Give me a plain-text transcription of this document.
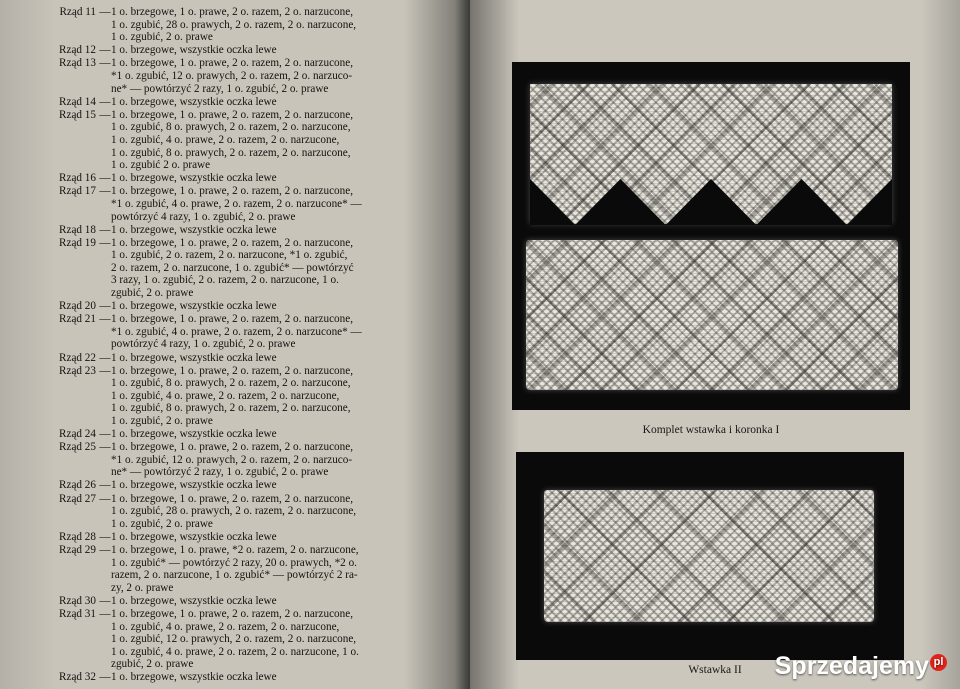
Rząd 11 — 1 o. brzegowe, 1 o. prawe, 2 o. razem, 2 o. narzucone,
1 o. zgubić, 28 o. prawych, 2 o. razem, 2 o. narzucone,
1 o. zgubić, 2 o. prawe
Rząd 12 — 1 o. brzegowe, wszystkie oczka lewe
Rząd 13 — 1 o. brzegowe, 1 o. prawe, 2 o. razem, 2 o. narzucone,
*1 o. zgubić, 12 o. prawych, 2 o. razem, 2 o. narzuco-
ne* — powtórzyć 2 razy, 1 o. zgubić, 2 o. prawe
Rząd 14 — 1 o. brzegowe, wszystkie oczka lewe
Rząd 15 — 1 o. brzegowe, 1 o. prawe, 2 o. razem, 2 o. narzucone,
1 o. zgubić, 8 o. prawych, 2 o. razem, 2 o. narzucone,
1 o. zgubić, 4 o. prawe, 2 o. razem, 2 o. narzucone,
1 o. zgubić, 8 o. prawych, 2 o. razem, 2 o. narzucone,
1 o. zgubić 2 o. prawe
Rząd 16 — 1 o. brzegowe, wszystkie oczka lewe
Rząd 17 — 1 o. brzegowe, 1 o. prawe, 2 o. razem, 2 o. narzucone,
*1 o. zgubić, 4 o. prawe, 2 o. razem, 2 o. narzucone* —
powtórzyć 4 razy, 1 o. zgubić, 2 o. prawe
Rząd 18 — 1 o. brzegowe, wszystkie oczka lewe
Rząd 19 — 1 o. brzegowe, 1 o. prawe, 2 o. razem, 2 o. narzucone,
1 o. zgubić, 2 o. razem, 2 o. narzucone, *1 o. zgubić,
2 o. razem, 2 o. narzucone, 1 o. zgubić* — powtórzyć
3 razy, 1 o. zgubić, 2 o. razem, 2 o. narzucone, 1 o.
zgubić, 2 o. prawe
Rząd 20 — 1 o. brzegowe, wszystkie oczka lewe
Rząd 21 — 1 o. brzegowe, 1 o. prawe, 2 o. razem, 2 o. narzucone,
*1 o. zgubić, 4 o. prawe, 2 o. razem, 2 o. narzucone* —
powtórzyć 4 razy, 1 o. zgubić, 2 o. prawe
Rząd 22 — 1 o. brzegowe, wszystkie oczka lewe
Rząd 23 — 1 o. brzegowe, 1 o. prawe, 2 o. razem, 2 o. narzucone,
1 o. zgubić, 8 o. prawych, 2 o. razem, 2 o. narzucone,
1 o. zgubić, 4 o. prawe, 2 o. razem, 2 o. narzucone,
1 o. zgubić, 8 o. prawych, 2 o. razem, 2 o. narzucone,
1 o. zgubić, 2 o. prawe
Rząd 24 — 1 o. brzegowe, wszystkie oczka lewe
Rząd 25 — 1 o. brzegowe, 1 o. prawe, 2 o. razem, 2 o. narzucone,
*1 o. zgubić, 12 o. prawych, 2 o. razem, 2 o. narzuco-
ne* — powtórzyć 2 razy, 1 o. zgubić, 2 o. prawe
Rząd 26 — 1 o. brzegowe, wszystkie oczka lewe
Rząd 27 — 1 o. brzegowe, 1 o. prawe, 2 o. razem, 2 o. narzucone,
1 o. zgubić, 28 o. prawych, 2 o. razem, 2 o. narzucone,
1 o. zgubić, 2 o. prawe
Rząd 28 — 1 o. brzegowe, wszystkie oczka lewe
Rząd 29 — 1 o. brzegowe, 1 o. prawe, *2 o. razem, 2 o. narzucone,
1 o. zgubić* — powtórzyć 2 razy, 20 o. prawych, *2 o.
razem, 2 o. narzucone, 1 o. zgubić* — powtórzyć 2 ra-
zy, 2 o. prawe
Rząd 30 — 1 o. brzegowe, wszystkie oczka lewe
Rząd 31 — 1 o. brzegowe, 1 o. prawe, 2 o. razem, 2 o. narzucone,
1 o. zgubić, 4 o. prawe, 2 o. razem, 2 o. narzucone,
1 o. zgubić, 12 o. prawych, 2 o. razem, 2 o. narzucone,
1 o. zgubić, 4 o. prawe, 2 o. razem, 2 o. narzucone, 1 o.
zgubić, 2 o. prawe
Rząd 32 — 1 o. brzegowe, wszystkie oczka lewe
Komplet wstawka i koronka I
Wstawka II	Sprzedajemy pl
